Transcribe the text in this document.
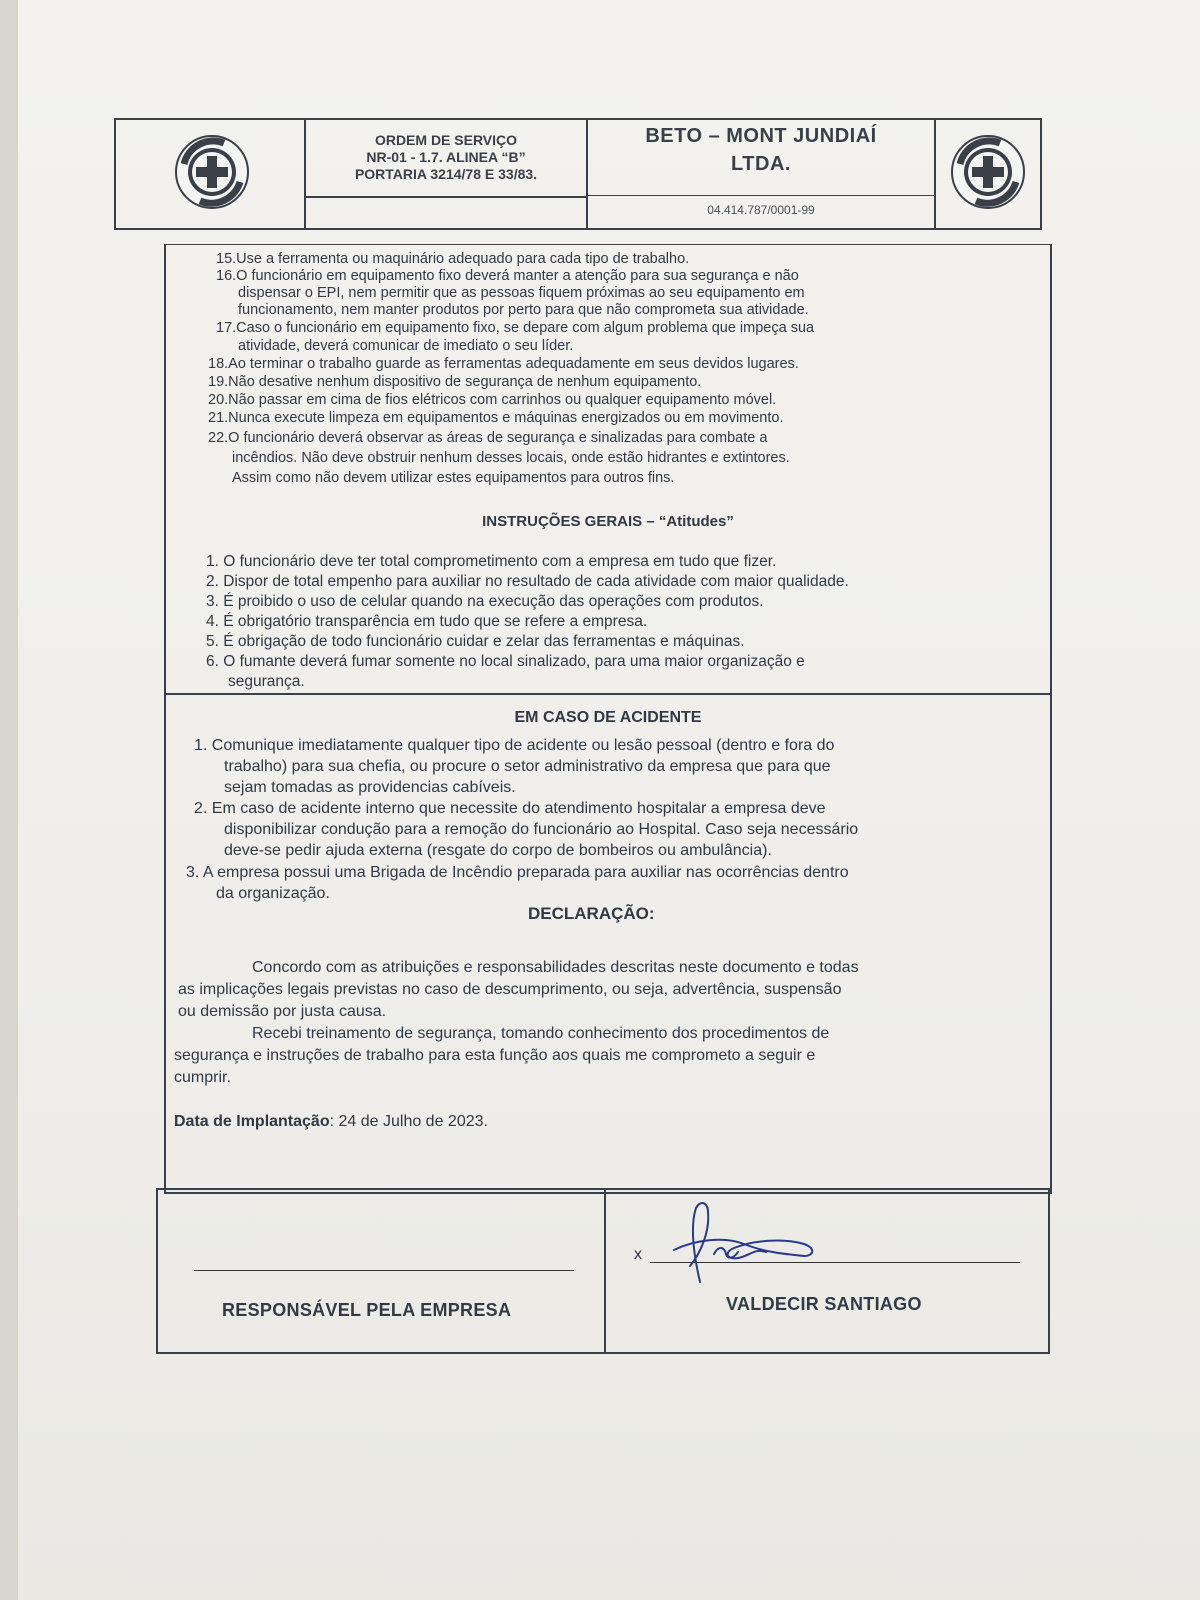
ORDEM DE SERVIÇO
NR-01 - 1.7. ALINEA “B”
PORTARIA 3214/78 E 33/83.
BETO – MONT JUNDIAÍ
LTDA.
04.414.787/0001-99
15.Use a ferramenta ou maquinário adequado para cada tipo de trabalho.
16.O funcionário em equipamento fixo deverá manter a atenção para sua segurança e não
dispensar o EPI, nem permitir que as pessoas fiquem próximas ao seu equipamento em
funcionamento, nem manter produtos por perto para que não comprometa sua atividade.
17.Caso o funcionário em equipamento fixo, se depare com algum problema que impeça sua
atividade, deverá comunicar de imediato o seu líder.
18.Ao terminar o trabalho guarde as ferramentas adequadamente em seus devidos lugares.
19.Não desative nenhum dispositivo de segurança de nenhum equipamento.
20.Não passar em cima de fios elétricos com carrinhos ou qualquer equipamento móvel.
21.Nunca execute limpeza em equipamentos e máquinas energizados ou em movimento.
22.O funcionário deverá observar as áreas de segurança e sinalizadas para combate a
incêndios. Não deve obstruir nenhum desses locais, onde estão hidrantes e extintores.
Assim como não devem utilizar estes equipamentos para outros fins.
INSTRUÇÕES GERAIS – “Atitudes”
1. O funcionário deve ter total comprometimento com a empresa em tudo que fizer.
2. Dispor de total empenho para auxiliar no resultado de cada atividade com maior qualidade.
3. É proibido o uso de celular quando na execução das operações com produtos.
4. É obrigatório transparência em tudo que se refere a empresa.
5. É obrigação de todo funcionário cuidar e zelar das ferramentas e máquinas.
6. O fumante deverá fumar somente no local sinalizado, para uma maior organização e
segurança.
EM CASO DE ACIDENTE
1. Comunique imediatamente qualquer tipo de acidente ou lesão pessoal (dentro e fora do
trabalho) para sua chefia, ou procure o setor administrativo da empresa que para que
sejam tomadas as providencias cabíveis.
2. Em caso de acidente interno que necessite do atendimento hospitalar a empresa deve
disponibilizar condução para a remoção do funcionário ao Hospital. Caso seja necessário
deve-se pedir ajuda externa (resgate do corpo de bombeiros ou ambulância).
3. A empresa possui uma Brigada de Incêndio preparada para auxiliar nas ocorrências dentro
da organização.
DECLARAÇÃO:
Concordo com as atribuições e responsabilidades descritas neste documento e todas
as implicações legais previstas no caso de descumprimento, ou seja, advertência, suspensão
ou demissão por justa causa.
Recebi treinamento de segurança, tomando conhecimento dos procedimentos de
segurança e instruções de trabalho para esta função aos quais me comprometo a seguir e
cumprir.
Data de Implantação: 24 de Julho de 2023.
RESPONSÁVEL PELA EMPRESA
x
VALDECIR SANTIAGO
